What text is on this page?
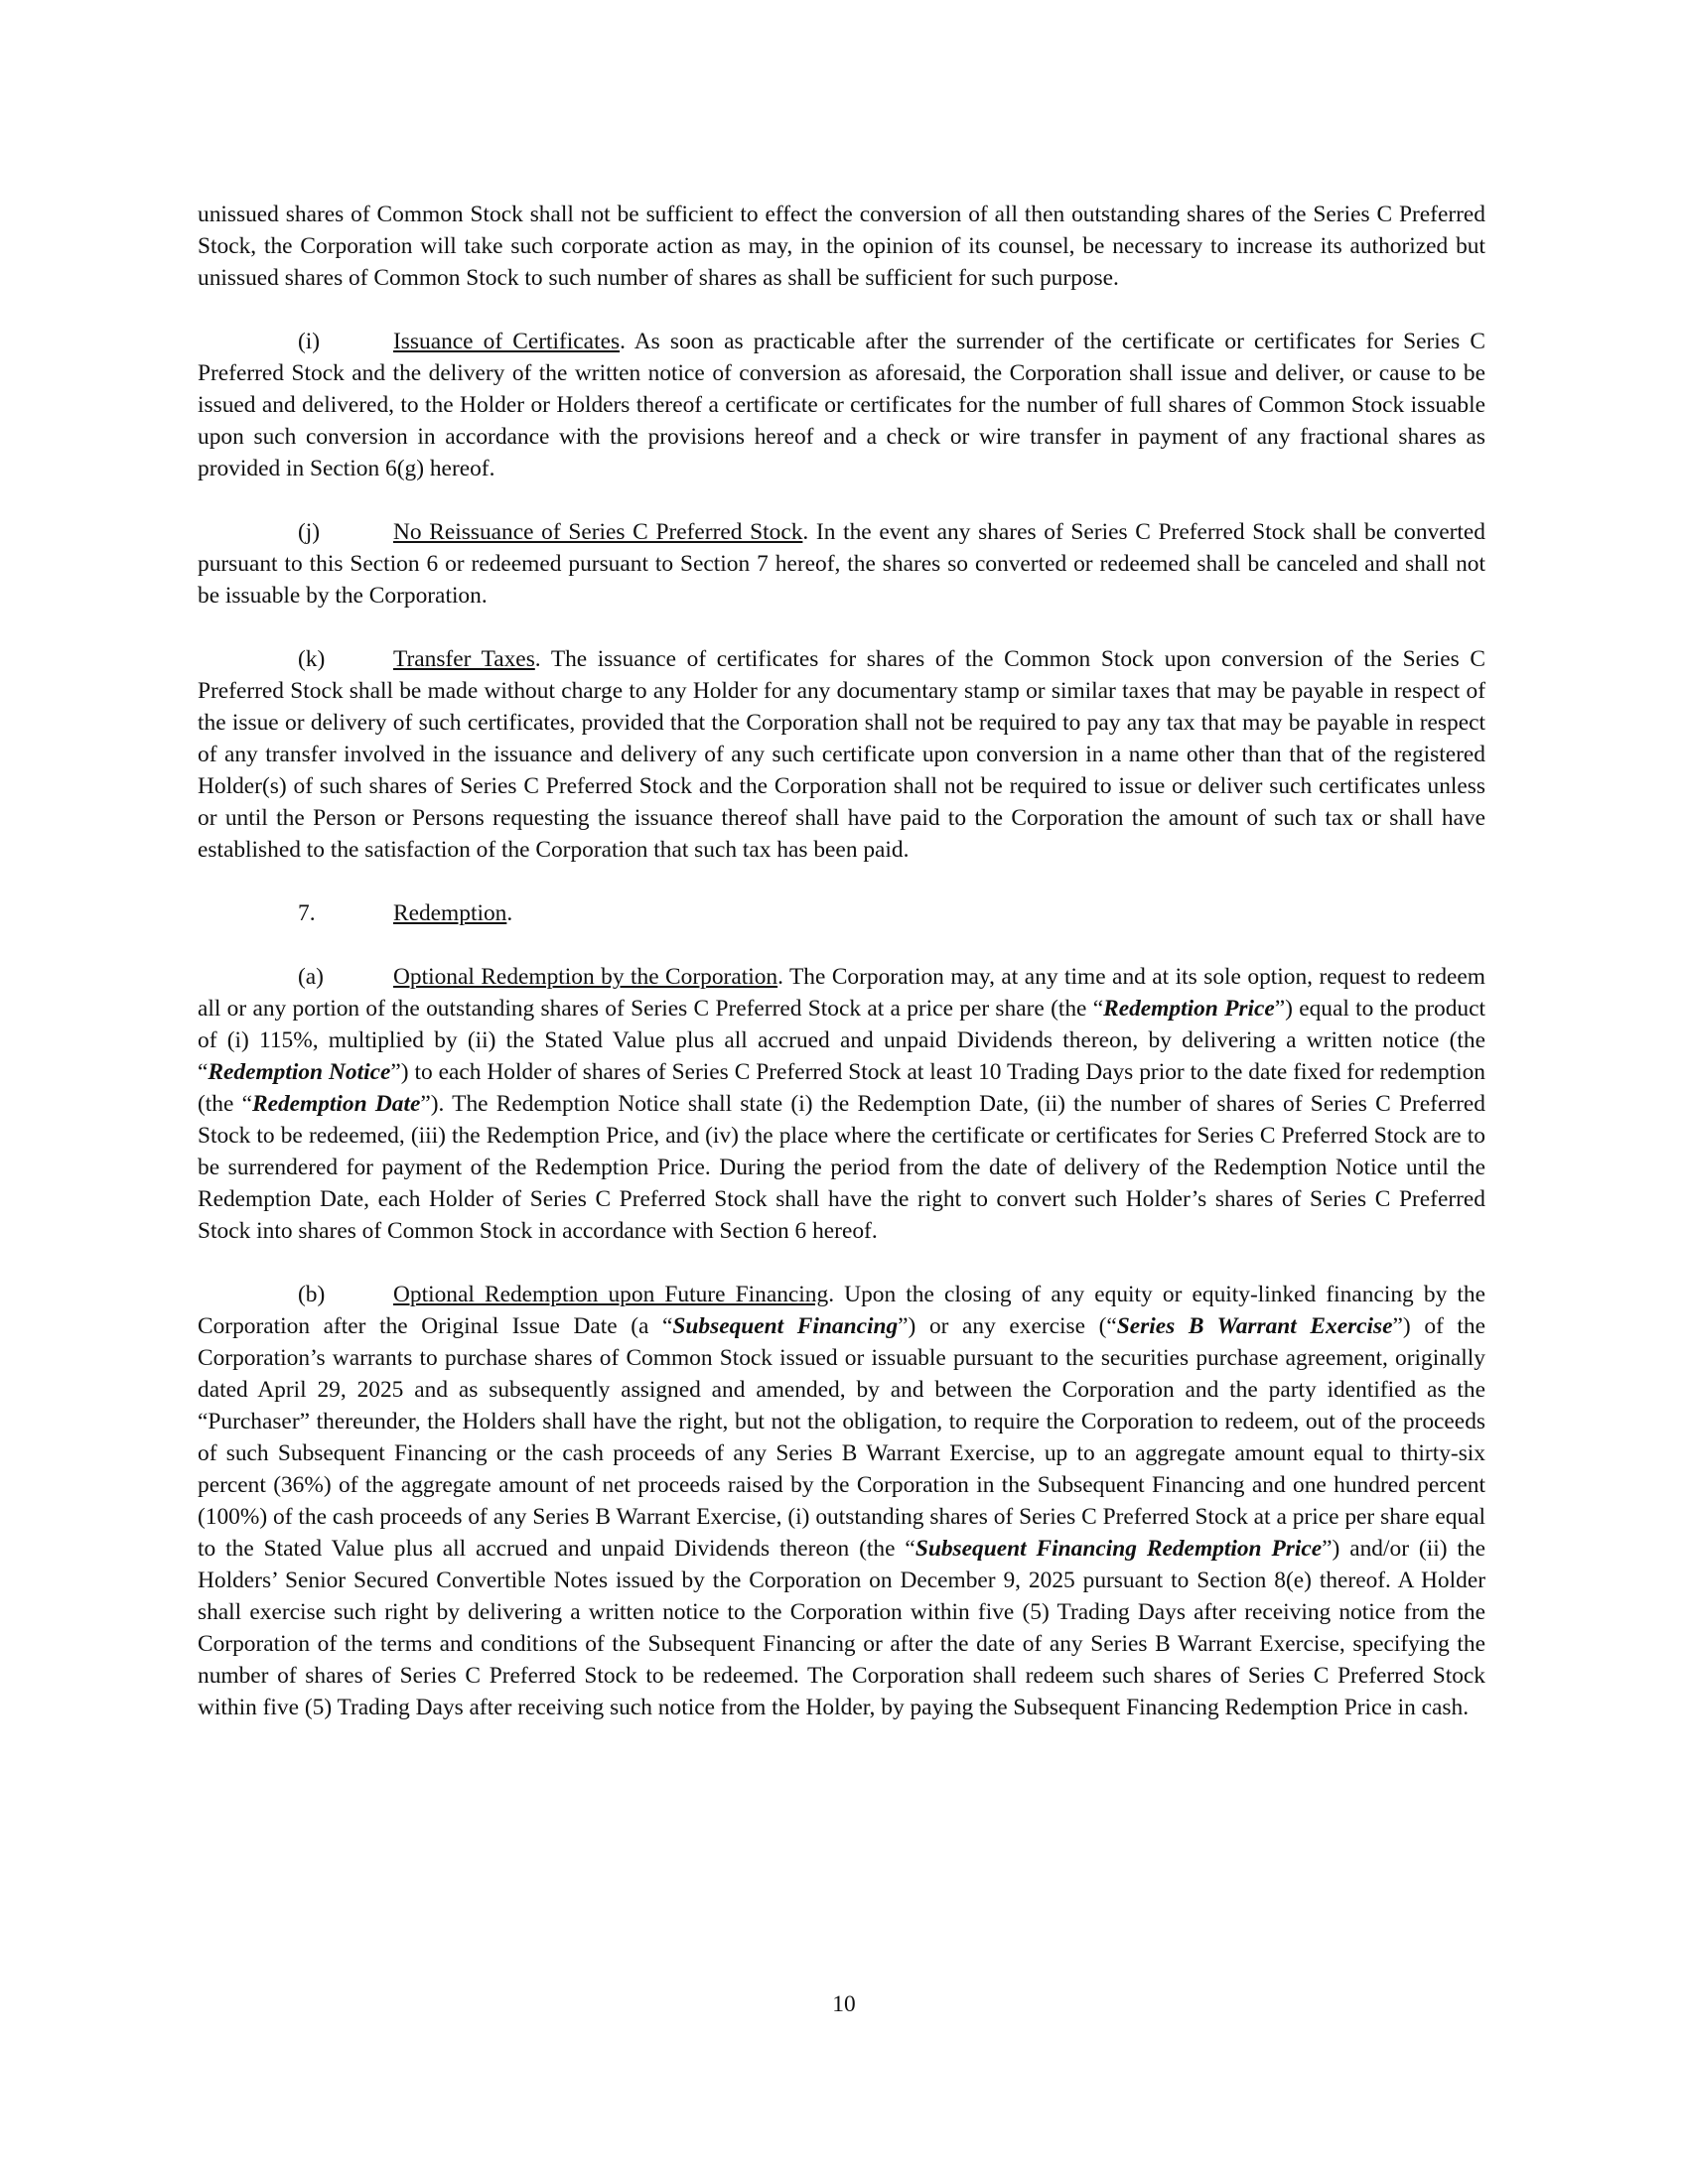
unissued shares of Common Stock shall not be sufficient to effect the conversion of all then outstanding shares of the Series C Preferred Stock, the Corporation will take such corporate action as may, in the opinion of its counsel, be necessary to increase its authorized but unissued shares of Common Stock to such number of shares as shall be sufficient for such purpose.

(i)	Issuance of Certificates. As soon as practicable after the surrender of the certificate or certificates for Series C Preferred Stock and the delivery of the written notice of conversion as aforesaid, the Corporation shall issue and deliver, or cause to be issued and delivered, to the Holder or Holders thereof a certificate or certificates for the number of full shares of Common Stock issuable upon such conversion in accordance with the provisions hereof and a check or wire transfer in payment of any fractional shares as provided in Section 6(g) hereof.

(j)	No Reissuance of Series C Preferred Stock. In the event any shares of Series C Preferred Stock shall be converted pursuant to this Section 6 or redeemed pursuant to Section 7 hereof, the shares so converted or redeemed shall be canceled and shall not be issuable by the Corporation.

(k)	Transfer Taxes. The issuance of certificates for shares of the Common Stock upon conversion of the Series C Preferred Stock shall be made without charge to any Holder for any documentary stamp or similar taxes that may be payable in respect of the issue or delivery of such certificates, provided that the Corporation shall not be required to pay any tax that may be payable in respect of any transfer involved in the issuance and delivery of any such certificate upon conversion in a name other than that of the registered Holder(s) of such shares of Series C Preferred Stock and the Corporation shall not be required to issue or deliver such certificates unless or until the Person or Persons requesting the issuance thereof shall have paid to the Corporation the amount of such tax or shall have established to the satisfaction of the Corporation that such tax has been paid.

7.	Redemption.

(a)	Optional Redemption by the Corporation. The Corporation may, at any time and at its sole option, request to redeem all or any portion of the outstanding shares of Series C Preferred Stock at a price per share (the “Redemption Price”) equal to the product of (i) 115%, multiplied by (ii) the Stated Value plus all accrued and unpaid Dividends thereon, by delivering a written notice (the “Redemption Notice”) to each Holder of shares of Series C Preferred Stock at least 10 Trading Days prior to the date fixed for redemption (the “Redemption Date”). The Redemption Notice shall state (i) the Redemption Date, (ii) the number of shares of Series C Preferred Stock to be redeemed, (iii) the Redemption Price, and (iv) the place where the certificate or certificates for Series C Preferred Stock are to be surrendered for payment of the Redemption Price. During the period from the date of delivery of the Redemption Notice until the Redemption Date, each Holder of Series C Preferred Stock shall have the right to convert such Holder’s shares of Series C Preferred Stock into shares of Common Stock in accordance with Section 6 hereof.

(b)	Optional Redemption upon Future Financing. Upon the closing of any equity or equity-linked financing by the Corporation after the Original Issue Date (a “Subsequent Financing”) or any exercise (“Series B Warrant Exercise”) of the Corporation’s warrants to purchase shares of Common Stock issued or issuable pursuant to the securities purchase agreement, originally dated April 29, 2025 and as subsequently assigned and amended, by and between the Corporation and the party identified as the “Purchaser” thereunder, the Holders shall have the right, but not the obligation, to require the Corporation to redeem, out of the proceeds of such Subsequent Financing or the cash proceeds of any Series B Warrant Exercise, up to an aggregate amount equal to thirty-six percent (36%) of the aggregate amount of net proceeds raised by the Corporation in the Subsequent Financing and one hundred percent (100%) of the cash proceeds of any Series B Warrant Exercise, (i) outstanding shares of Series C Preferred Stock at a price per share equal to the Stated Value plus all accrued and unpaid Dividends thereon (the “Subsequent Financing Redemption Price”) and/or (ii) the Holders’ Senior Secured Convertible Notes issued by the Corporation on December 9, 2025 pursuant to Section 8(e) thereof. A Holder shall exercise such right by delivering a written notice to the Corporation within five (5) Trading Days after receiving notice from the Corporation of the terms and conditions of the Subsequent Financing or after the date of any Series B Warrant Exercise, specifying the number of shares of Series C Preferred Stock to be redeemed. The Corporation shall redeem such shares of Series C Preferred Stock within five (5) Trading Days after receiving such notice from the Holder, by paying the Subsequent Financing Redemption Price in cash.

10
